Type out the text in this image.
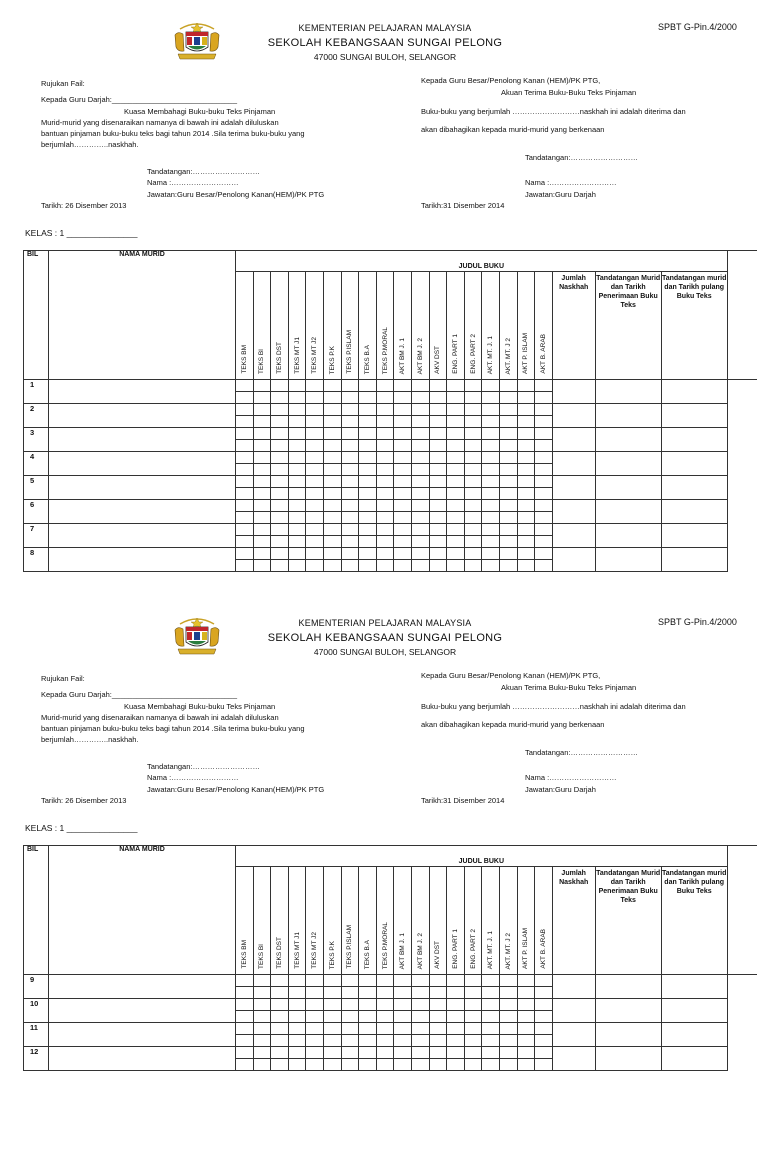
KEMENTERIAN PELAJARAN MALAYSIA
SEKOLAH KEBANGSAAN SUNGAI PELONG
47000 SUNGAI BULOH, SELANGOR
SPBT G-Pin.4/2000
Rujukan Fail:
Kepada Guru Darjah:______________________________
Kuasa Membahagi Buku-buku Teks Pinjaman
Murid-murid yang disenaraikan namanya di bawah ini adalah diluluskan
bantuan pinjaman buku-buku teks bagi tahun 2014 .Sila terima buku-buku yang
berjumlah…………..naskhah.
Tandatangan:………………………
Nama :………………………
Jawatan:Guru Besar/Penolong Kanan(HEM)/PK PTG
Tarikh: 26 Disember 2013
Kepada Guru Besar/Penolong Kanan (HEM)/PK PTG,
Akuan Terima Buku-Buku Teks Pinjaman
Buku-buku yang berjumlah ………………………naskhah ini adalah diterima dan
akan dibahagikan kepada murid-murid yang berkenaan
Tandatangan:………………………
Nama :………………………
Jawatan:Guru Darjah
Tarikh:31 Disember 2014
KELAS : 1 _______________
BIL	NAMA MURID																						
		JUDUL BUKU																					
		TEKS BM	TEKS BI	TEKS DST	TEKS MT J1	TEKS MT J2	TEKS P.K	TEKS P.ISLAM	TEKS B.A	TEKS P.MORAL	AKT BM J. 1	AKT BM J. 2	AKV DST	ENG. PART 1	ENG. PART 2	AKT. MT. J. 1	AKT. MT. J 2	AKT P. ISLAM	AKT B. ARAB	Jumlah Naskhah	Tandatangan Murid dan Tarikh Penerimaan Buku Teks	Tandatangan murid dan Tarikh pulang Buku Teks	

1																							

2																							

3																							

4																							

5																							

6																							

7																							

8																							

KEMENTERIAN PELAJARAN MALAYSIA
SEKOLAH KEBANGSAAN SUNGAI PELONG
47000 SUNGAI BULOH, SELANGOR
SPBT G-Pin.4/2000
Rujukan Fail:
Kepada Guru Darjah:______________________________
Kuasa Membahagi Buku-buku Teks Pinjaman
Murid-murid yang disenaraikan namanya di bawah ini adalah diluluskan
bantuan pinjaman buku-buku teks bagi tahun 2014 .Sila terima buku-buku yang
berjumlah…………..naskhah.
Tandatangan:………………………
Nama :………………………
Jawatan:Guru Besar/Penolong Kanan(HEM)/PK PTG
Tarikh: 26 Disember 2013
Kepada Guru Besar/Penolong Kanan (HEM)/PK PTG,
Akuan Terima Buku-Buku Teks Pinjaman
Buku-buku yang berjumlah ………………………naskhah ini adalah diterima dan
akan dibahagikan kepada murid-murid yang berkenaan
Tandatangan:………………………
Nama :………………………
Jawatan:Guru Darjah
Tarikh:31 Disember 2014
KELAS : 1 _______________
BIL	NAMA MURID																						
		JUDUL BUKU																					
		TEKS BM	TEKS BI	TEKS DST	TEKS MT J1	TEKS MT J2	TEKS P.K	TEKS P.ISLAM	TEKS B.A	TEKS P.MORAL	AKT BM J. 1	AKT BM J. 2	AKV DST	ENG. PART 1	ENG. PART 2	AKT. MT. J. 1	AKT. MT. J 2	AKT P. ISLAM	AKT B. ARAB	Jumlah Naskhah	Tandatangan Murid dan Tarikh Penerimaan Buku Teks	Tandatangan murid dan Tarikh pulang Buku Teks	

9																							

10																							

11																							

12																							
